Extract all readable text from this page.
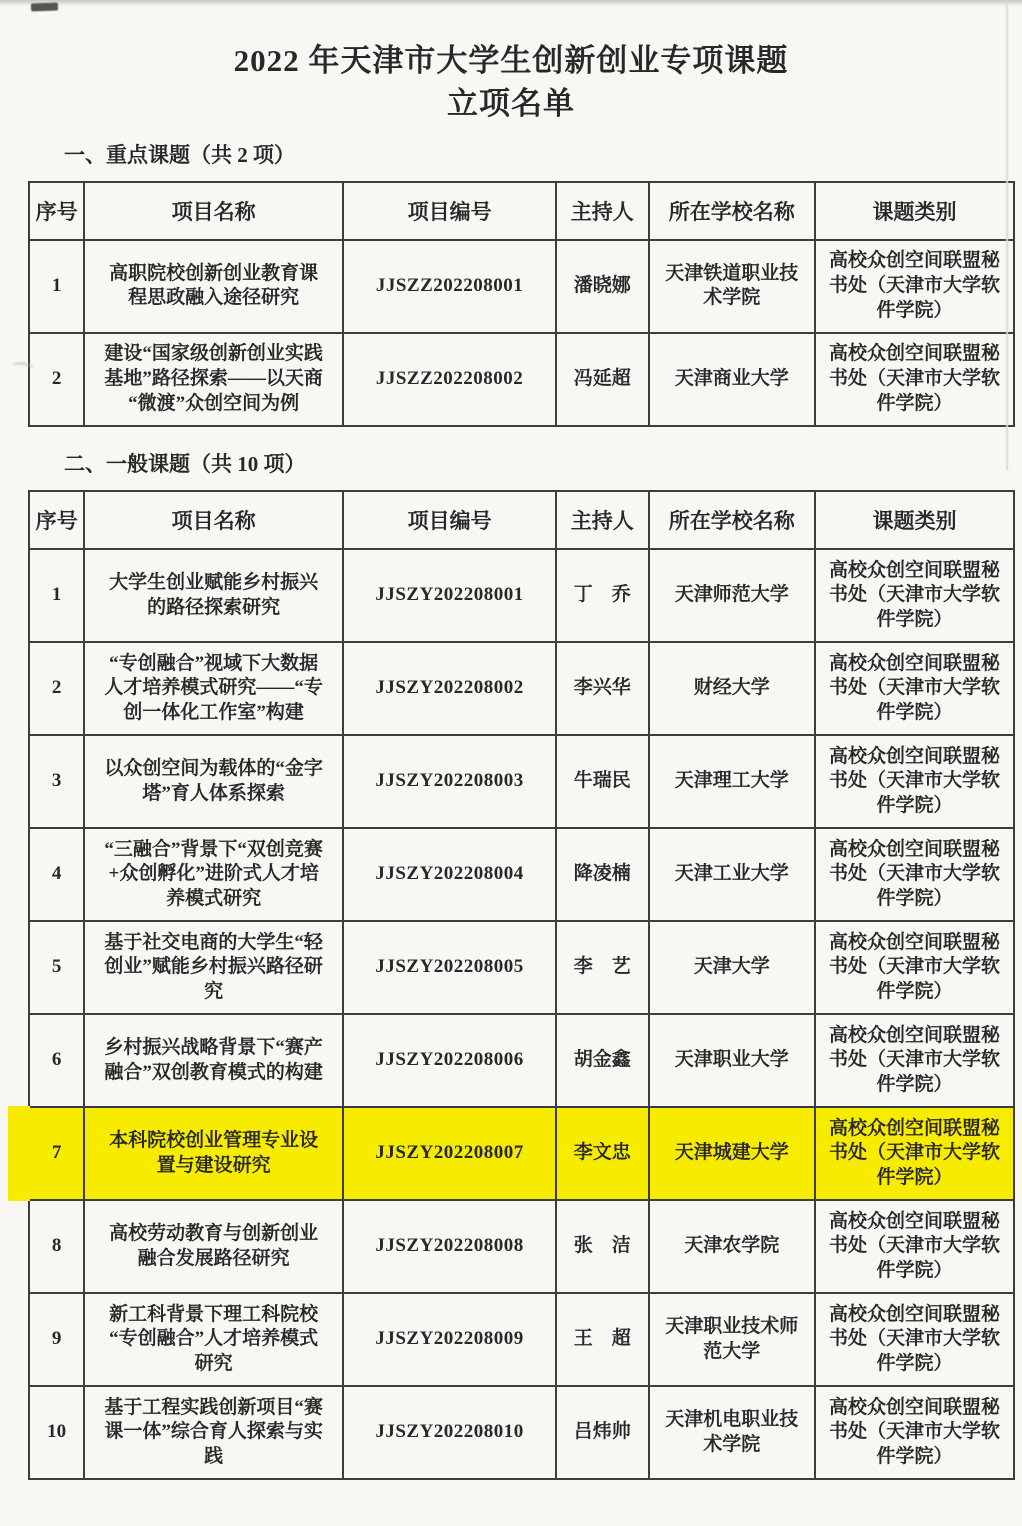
⌒
2022 年天津市大学生创新创业专项课题
立项名单
一、重点课题（共 2 项）
序号	项目名称	项目编号	主持人	所在学校名称	课题类别
1	高职院校创新创业教育课程思政融入途径研究	JJSZZ202208001	潘晓娜	天津铁道职业技术学院	高校众创空间联盟秘书处（天津市大学软件学院）
2	建设“国家级创新创业实践基地”路径探索——以天商“微渡”众创空间为例	JJSZZ202208002	冯延超	天津商业大学	高校众创空间联盟秘书处（天津市大学软件学院）
二、一般课题（共 10 项）
序号	项目名称	项目编号	主持人	所在学校名称	课题类别
1	大学生创业赋能乡村振兴的路径探索研究	JJSZY202208001	丁　乔	天津师范大学	高校众创空间联盟秘书处（天津市大学软件学院）
2	“专创融合”视域下大数据人才培养模式研究——“专创一体化工作室”构建	JJSZY202208002	李兴华	财经大学	高校众创空间联盟秘书处（天津市大学软件学院）
3	以众创空间为载体的“金字塔”育人体系探索	JJSZY202208003	牛瑞民	天津理工大学	高校众创空间联盟秘书处（天津市大学软件学院）
4	“三融合”背景下“双创竞赛+众创孵化”进阶式人才培养模式研究	JJSZY202208004	降凌楠	天津工业大学	高校众创空间联盟秘书处（天津市大学软件学院）
5	基于社交电商的大学生“轻创业”赋能乡村振兴路径研究	JJSZY202208005	李　艺	天津大学	高校众创空间联盟秘书处（天津市大学软件学院）
6	乡村振兴战略背景下“赛产融合”双创教育模式的构建	JJSZY202208006	胡金鑫	天津职业大学	高校众创空间联盟秘书处（天津市大学软件学院）
7	本科院校创业管理专业设置与建设研究	JJSZY202208007	李文忠	天津城建大学	高校众创空间联盟秘书处（天津市大学软件学院）
8	高校劳动教育与创新创业融合发展路径研究	JJSZY202208008	张　洁	天津农学院	高校众创空间联盟秘书处（天津市大学软件学院）
9	新工科背景下理工科院校“专创融合”人才培养模式研究	JJSZY202208009	王　超	天津职业技术师范大学	高校众创空间联盟秘书处（天津市大学软件学院）
10	基于工程实践创新项目“赛课一体”综合育人探索与实践	JJSZY202208010	吕炜帅	天津机电职业技术学院	高校众创空间联盟秘书处（天津市大学软件学院）
